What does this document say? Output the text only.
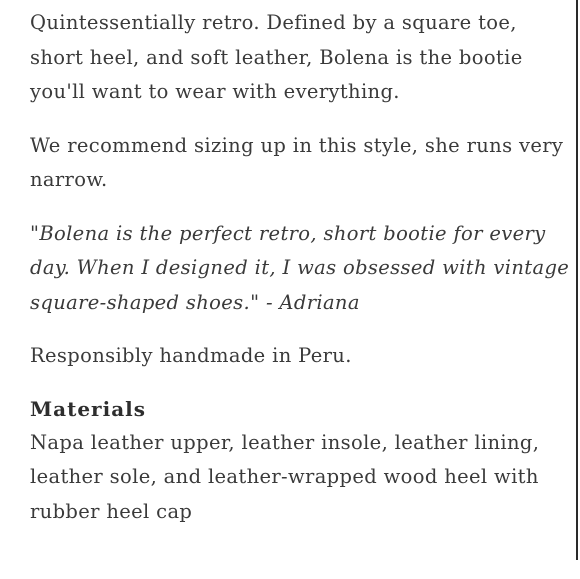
Quintessentially retro. Defined by a square toe, short heel, and soft leather, Bolena is the bootie you'll want to wear with everything.

We recommend sizing up in this style, she runs very narrow.

"Bolena is the perfect retro, short bootie for every day. When I designed it, I was obsessed with vintage square-shaped shoes." - Adriana

Responsibly handmade in Peru.

Materials

Napa leather upper, leather insole, leather lining, leather sole, and leather-wrapped wood heel with rubber heel cap
